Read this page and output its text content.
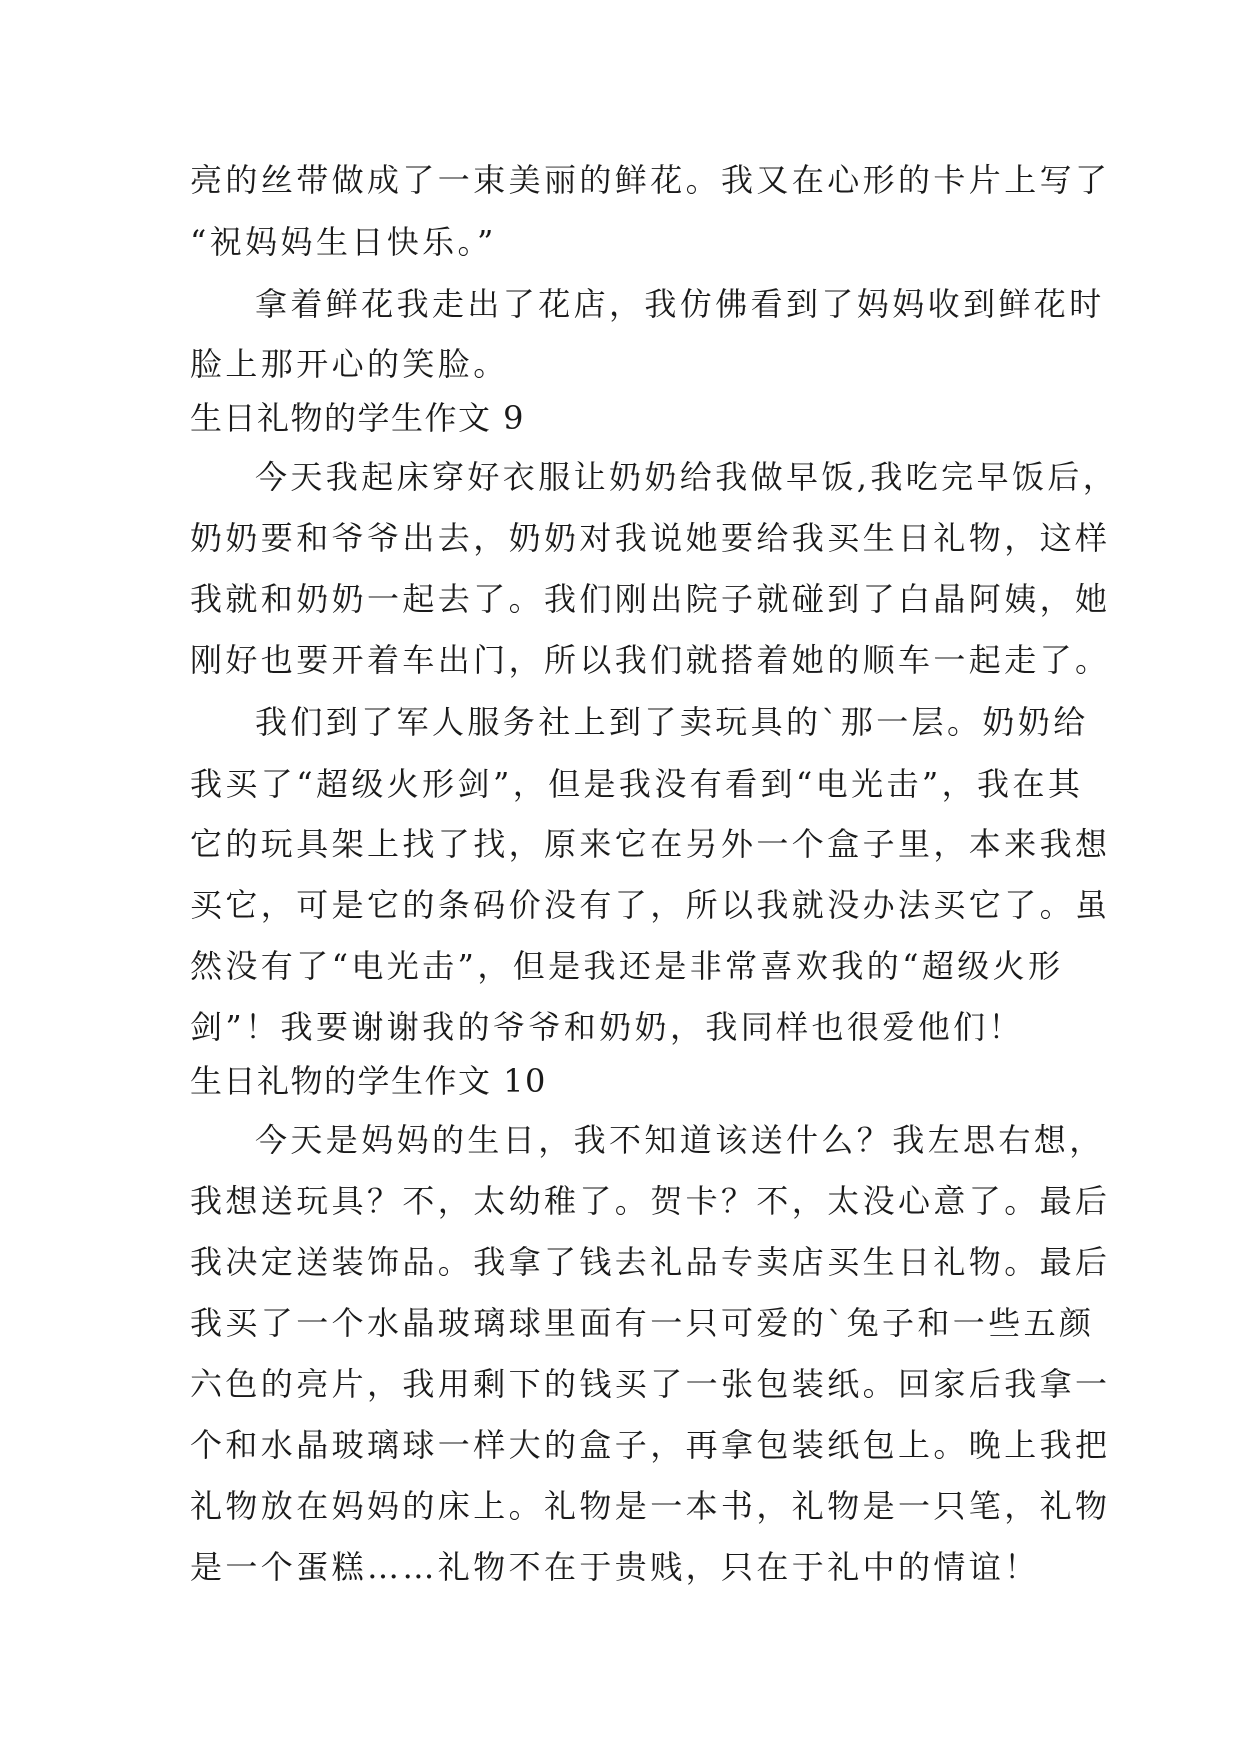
亮的丝带做成了一束美丽的鲜花。我又在心形的卡片上写了
“祝妈妈生日快乐。”
拿着鲜花我走出了花店，我仿佛看到了妈妈收到鲜花时
脸上那开心的笑脸。
生日礼物的学生作文 9
今天我起床穿好衣服让奶奶给我做早饭,我吃完早饭后，
奶奶要和爷爷出去，奶奶对我说她要给我买生日礼物，这样
我就和奶奶一起去了。我们刚出院子就碰到了白晶阿姨，她
刚好也要开着车出门，所以我们就搭着她的顺车一起走了。
我们到了军人服务社上到了卖玩具的`那一层。奶奶给
我买了“超级火形剑”，但是我没有看到“电光击”，我在其
它的玩具架上找了找，原来它在另外一个盒子里，本来我想
买它，可是它的条码价没有了，所以我就没办法买它了。虽
然没有了“电光击”，但是我还是非常喜欢我的“超级火形
剑”！我要谢谢我的爷爷和奶奶，我同样也很爱他们！
生日礼物的学生作文 10
今天是妈妈的生日，我不知道该送什么？我左思右想，
我想送玩具？不，太幼稚了。贺卡？不，太没心意了。最后
我决定送装饰品。我拿了钱去礼品专卖店买生日礼物。最后
我买了一个水晶玻璃球里面有一只可爱的`兔子和一些五颜
六色的亮片，我用剩下的钱买了一张包装纸。回家后我拿一
个和水晶玻璃球一样大的盒子，再拿包装纸包上。晚上我把
礼物放在妈妈的床上。礼物是一本书，礼物是一只笔，礼物
是一个蛋糕……礼物不在于贵贱，只在于礼中的情谊！
